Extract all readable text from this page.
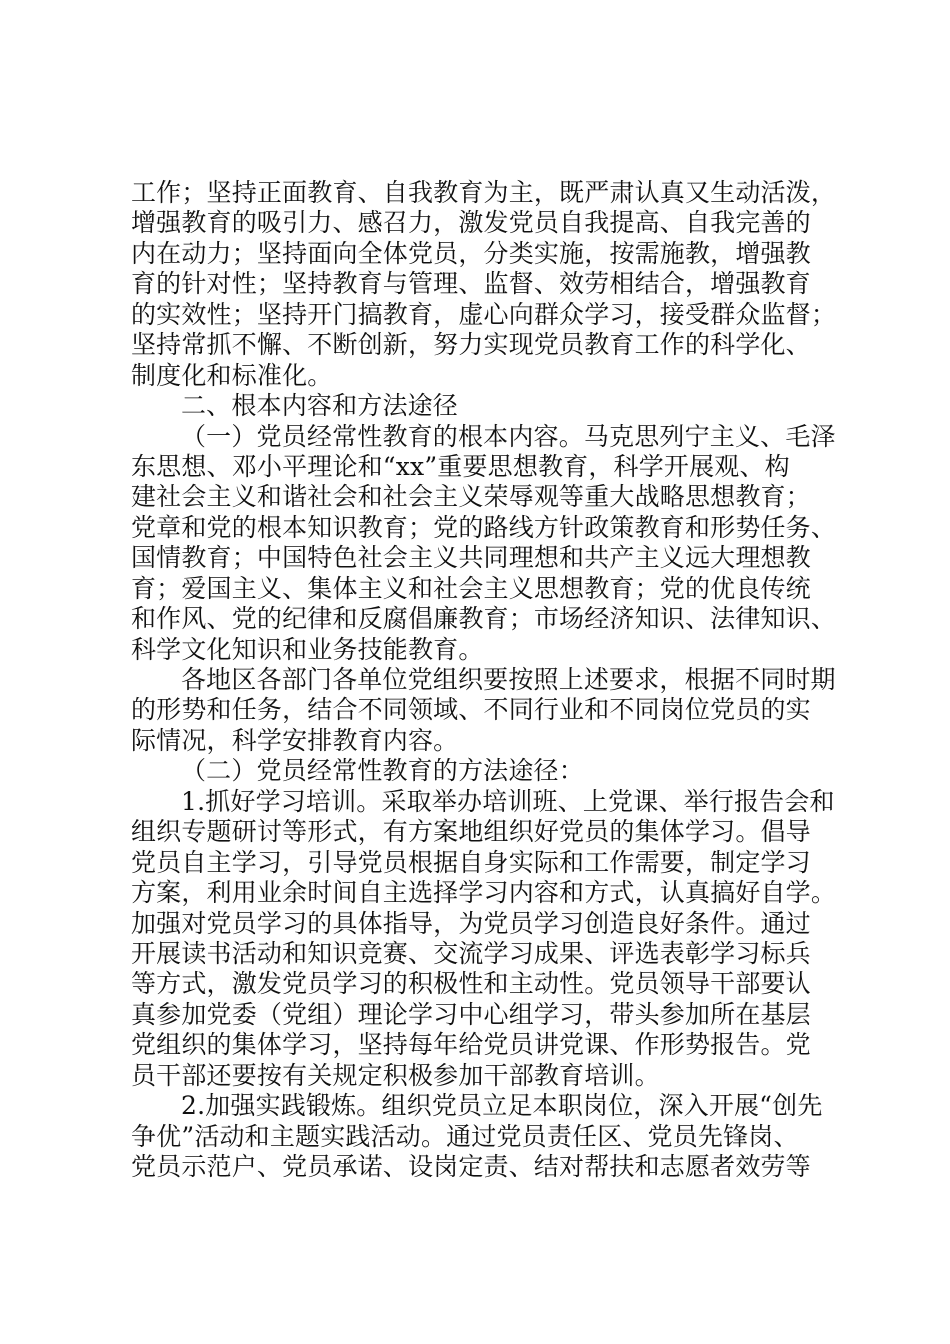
工作；坚持正面教育、自我教育为主，既严肃认真又生动活泼，
增强教育的吸引力、感召力，激发党员自我提高、自我完善的
内在动力；坚持面向全体党员，分类实施，按需施教，增强教
育的针对性；坚持教育与管理、监督、效劳相结合，增强教育
的实效性；坚持开门搞教育，虚心向群众学习，接受群众监督；
坚持常抓不懈、不断创新，努力实现党员教育工作的科学化、
制度化和标准化。
二、根本内容和方法途径
（一）党员经常性教育的根本内容。马克思列宁主义、毛泽
东思想、邓小平理论和“xx”重要思想教育，科学开展观、构
建社会主义和谐社会和社会主义荣辱观等重大战略思想教育；
党章和党的根本知识教育；党的路线方针政策教育和形势任务、
国情教育；中国特色社会主义共同理想和共产主义远大理想教
育；爱国主义、集体主义和社会主义思想教育；党的优良传统
和作风、党的纪律和反腐倡廉教育；市场经济知识、法律知识、
科学文化知识和业务技能教育。
各地区各部门各单位党组织要按照上述要求，根据不同时期
的形势和任务，结合不同领域、不同行业和不同岗位党员的实
际情况，科学安排教育内容。
（二）党员经常性教育的方法途径：
1.抓好学习培训。采取举办培训班、上党课、举行报告会和
组织专题研讨等形式，有方案地组织好党员的集体学习。倡导
党员自主学习，引导党员根据自身实际和工作需要，制定学习
方案，利用业余时间自主选择学习内容和方式，认真搞好自学。
加强对党员学习的具体指导，为党员学习创造良好条件。通过
开展读书活动和知识竞赛、交流学习成果、评选表彰学习标兵
等方式，激发党员学习的积极性和主动性。党员领导干部要认
真参加党委（党组）理论学习中心组学习，带头参加所在基层
党组织的集体学习，坚持每年给党员讲党课、作形势报告。党
员干部还要按有关规定积极参加干部教育培训。
2.加强实践锻炼。组织党员立足本职岗位，深入开展“创先
争优”活动和主题实践活动。通过党员责任区、党员先锋岗、
党员示范户、党员承诺、设岗定责、结对帮扶和志愿者效劳等
